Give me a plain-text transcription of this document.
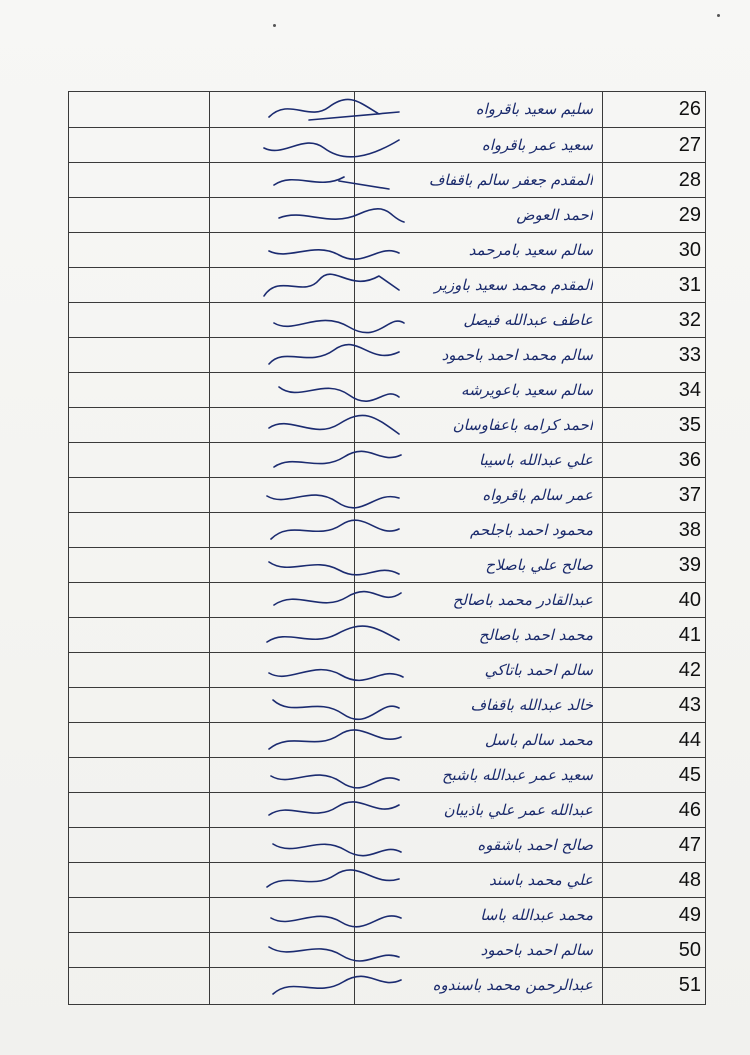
26
سليم سعيد باقرواه
27
سعيد عمر باقرواه
28
المقدم جعفر سالم باقفاف
29
احمد العوض
30
سالم سعيد بامرحمد
31
المقدم محمد سعيد باوزير
32
عاطف عبدالله فيصل
33
سالم محمد احمد باحمود
34
سالم سعيد باعويرشه
35
احمد كرامه باعفاوسان
36
علي عبدالله باسيبا
37
عمر سالم باقرواه
38
محمود احمد باجلحم
39
صالح علي باصلاح
40
عبدالقادر محمد باصالح
41
محمد احمد باصالح
42
سالم احمد باتاكي
43
خالد عبدالله باقفاف
44
محمد سالم باسل
45
سعيد عمر عبدالله باشبح
46
عبدالله عمر علي باذيبان
47
صالح احمد باشقوه
48
علي محمد باسند
49
محمد عبدالله باسا
50
سالم احمد باحمود
51
عبدالرحمن محمد باسندوه
